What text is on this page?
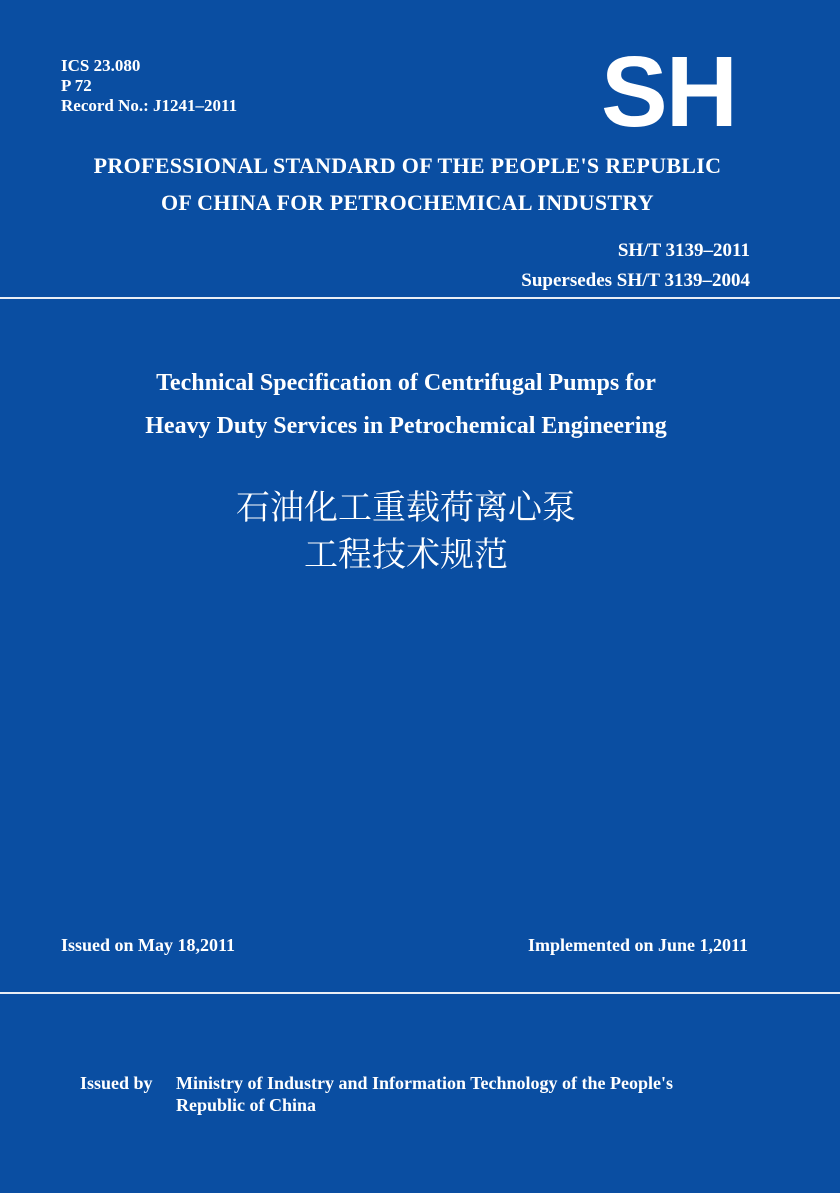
ICS 23.080
P 72
Record No.: J1241–2011	SH
PROFESSIONAL STANDARD OF THE PEOPLE'S REPUBLIC
OF CHINA FOR PETROCHEMICAL INDUSTRY
SH/T 3139–2011
Supersedes SH/T 3139–2004
Technical Specification of Centrifugal Pumps for
Heavy Duty Services in Petrochemical Engineering
石油化工重载荷离心泵
工程技术规范
Issued on May 18,2011	Implemented on June 1,2011
Issued by Ministry of Industry and Information Technology of the People's
Republic of China
